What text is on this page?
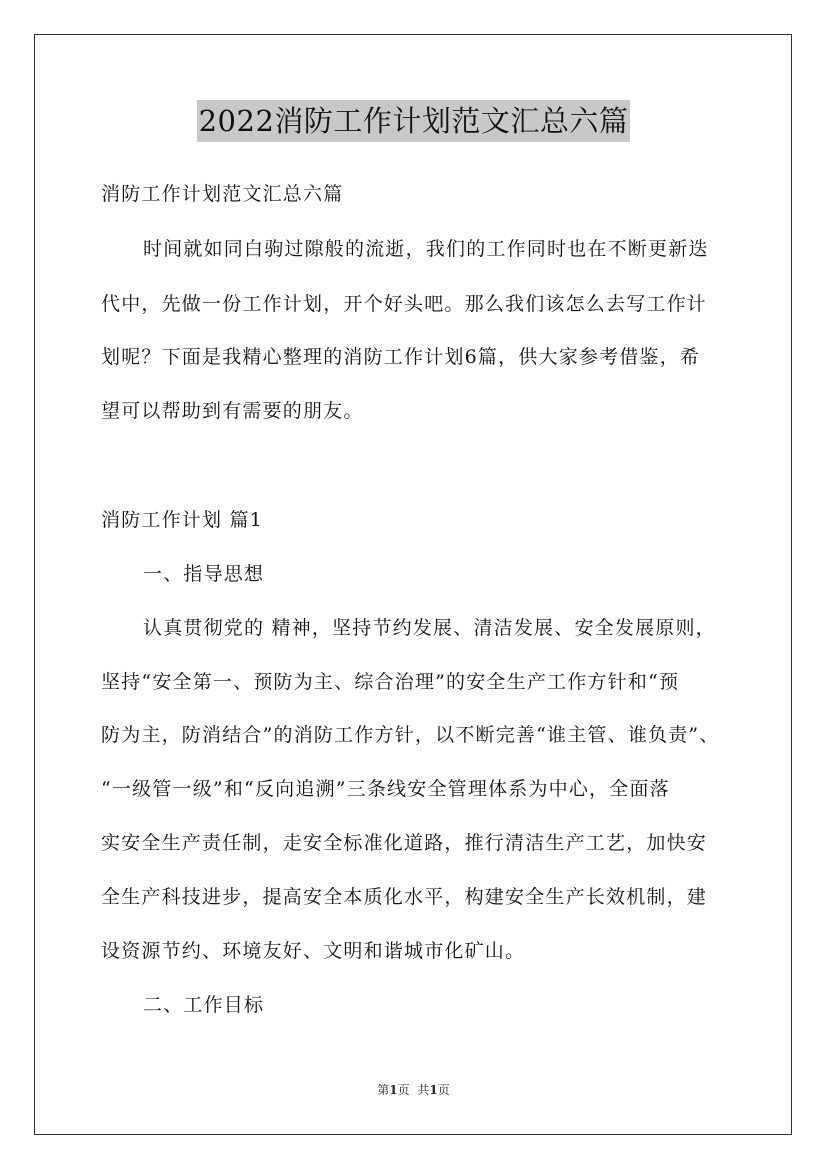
2022消防工作计划范文汇总六篇
消防工作计划范文汇总六篇
时间就如同白驹过隙般的流逝，我们的工作同时也在不断更新迭
代中，先做一份工作计划，开个好头吧。那么我们该怎么去写工作计
划呢？下面是我精心整理的消防工作计划6篇，供大家参考借鉴，希
望可以帮助到有需要的朋友。
消防工作计划 篇1
一、指导思想
认真贯彻党的 精神，坚持节约发展、清洁发展、安全发展原则，
坚持“安全第一、预防为主、综合治理”的安全生产工作方针和“预
防为主，防消结合”的消防工作方针，以不断完善“谁主管、谁负责”、
“一级管一级”和“反向追溯”三条线安全管理体系为中心，全面落
实安全生产责任制，走安全标准化道路，推行清洁生产工艺，加快安
全生产科技进步，提高安全本质化水平，构建安全生产长效机制，建
设资源节约、环境友好、文明和谐城市化矿山。
二、工作目标
第1页 共1页
